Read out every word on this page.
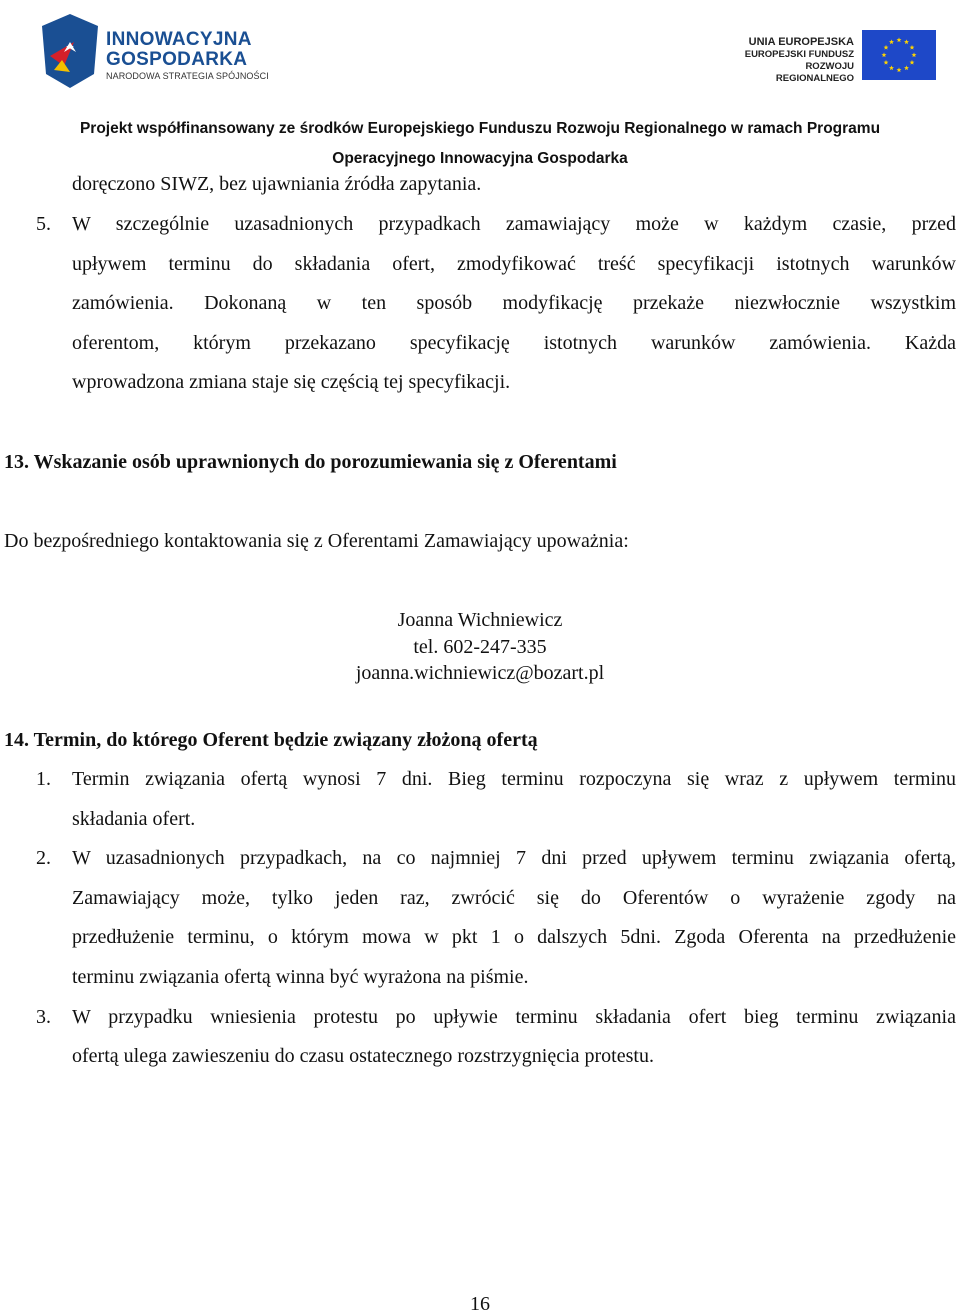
INNOWACYJNA
GOSPODARKA
NARODOWA STRATEGIA SPÓJNOŚCI
UNIA EUROPEJSKA
EUROPEJSKI FUNDUSZ
ROZWOJU REGIONALNEGO
Projekt współfinansowany ze środków Europejskiego Funduszu Rozwoju Regionalnego w ramach Programu
Operacyjnego Innowacyjna Gospodarka
doręczono SIWZ, bez ujawniania źródła zapytania.
5. W szczególnie uzasadnionych przypadkach zamawiający może w każdym czasie, przed
upływem terminu do składania ofert, zmodyfikować treść specyfikacji istotnych warunków
zamówienia. Dokonaną w ten sposób modyfikację przekaże niezwłocznie wszystkim
oferentom, którym przekazano specyfikację istotnych warunków zamówienia. Każda
wprowadzona zmiana staje się częścią tej specyfikacji.
13. Wskazanie osób uprawnionych do porozumiewania się z Oferentami
Do bezpośredniego kontaktowania się z Oferentami Zamawiający upoważnia:
Joanna Wichniewicz
tel. 602-247-335
joanna.wichniewicz@bozart.pl
14. Termin, do którego Oferent będzie związany złożoną ofertą
1. Termin związania ofertą wynosi 7 dni. Bieg terminu rozpoczyna się wraz z upływem terminu
składania ofert.
2. W uzasadnionych przypadkach, na co najmniej 7 dni przed upływem terminu związania ofertą,
Zamawiający może, tylko jeden raz, zwrócić się do Oferentów o wyrażenie zgody na
przedłużenie terminu, o którym mowa w pkt 1 o dalszych 5dni. Zgoda Oferenta na przedłużenie
terminu związania ofertą winna być wyrażona na piśmie.
3. W przypadku wniesienia protestu po upływie terminu składania ofert bieg terminu związania
ofertą ulega zawieszeniu do czasu ostatecznego rozstrzygnięcia protestu.
16
